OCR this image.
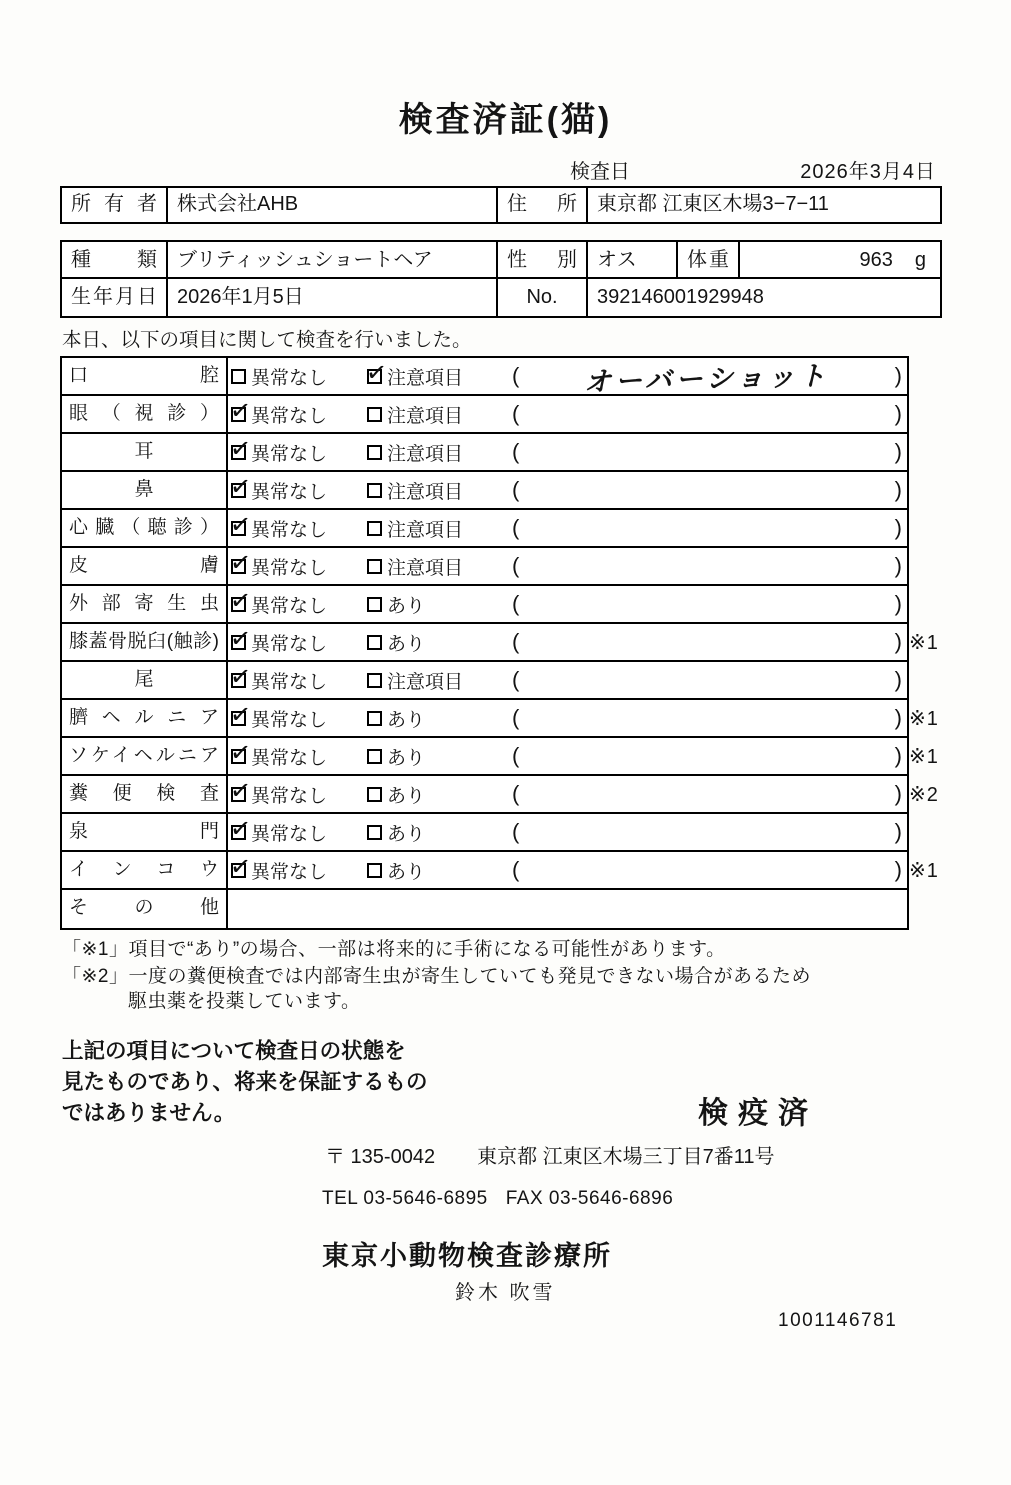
検査済証(猫)
検査日	2026年3月4日
所有者	株式会社AHB	住所	東京都 江東区木場3−7−11
種類	ブリティッシュショートヘア	性別	オス	体重	963 g
生年月日	2026年1月5日	No.	392146001929948
本日、以下の項目に関して検査を行いました。
口腔	異常なし ✓	注意項目 (	オーバーショット	)
眼（視診） ✓	異常なし	注意項目 (	)
耳 ✓	異常なし	注意項目 (	)
鼻 ✓	異常なし	注意項目 (	)
心臓（聴診） ✓	異常なし	注意項目 (	)
皮膚 ✓	異常なし	注意項目 (	)
外部寄生虫 ✓	異常なし	あり	(	)
膝蓋骨脱臼(触診) ✓	異常なし	あり	(	) ※1
尾 ✓	異常なし	注意項目 (	)
臍ヘルニア ✓	異常なし	あり	(	) ※1
ソケイヘルニア ✓	異常なし	あり	(	) ※1
糞便検査 ✓	異常なし	あり	(	) ※2
泉門 ✓	異常なし	あり	(	)
インコウ ✓	異常なし	あり	(	) ※1
その他
「※1」項目で“あり”の場合、一部は将来的に手術になる可能性があります。
「※2」一度の糞便検査では内部寄生虫が寄生していても発見できない場合があるため
駆虫薬を投薬しています。
上記の項目について検査日の状態を
見たものであり、将来を保証するもの
ではありません。	検疫済
〒 135-0042 東京都 江東区木場三丁目7番11号
TEL 03-5646-6895 FAX 03-5646-6896
東京小動物検査診療所
鈴木 吹雪
1001146781
